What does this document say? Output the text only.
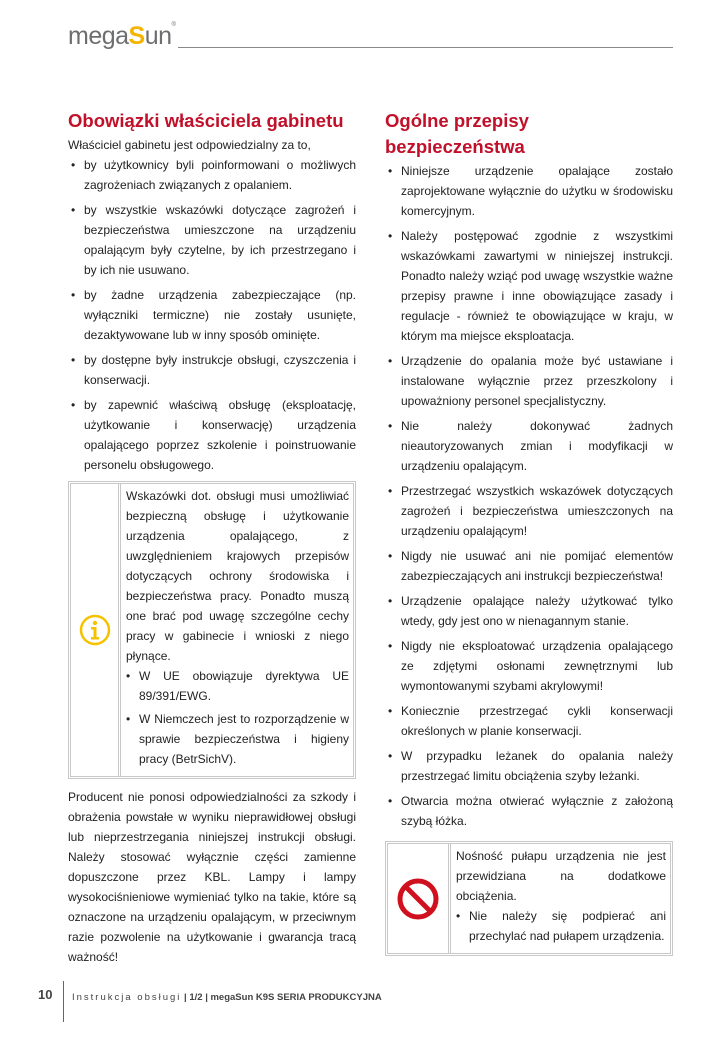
megaSun®
Obowiązki właściciela gabinetu

Właściciel gabinetu jest odpowiedzialny za to,

• by użytkownicy byli poinformowani o możliwych zagrożeniach związanych z opalaniem.
• by wszystkie wskazówki dotyczące zagrożeń i bezpieczeństwa umieszczone na urządzeniu opalającym były czytelne, by ich przestrzegano i by ich nie usuwano.
• by żadne urządzenia zabezpieczające (np. wyłączniki termiczne) nie zostały usunięte, dezaktywowane lub w inny sposób ominięte.
• by dostępne były instrukcje obsługi, czyszczenia i konserwacji.
• by zapewnić właściwą obsługę (eksploatację, użytkowanie i konserwację) urządzenia opalającego poprzez szkolenie i poinstruowanie personelu obsługowego.

Wskazówki dot. obsługi musi umożliwiać bezpieczną obsługę i użytkowanie urządzenia opalającego, z uwzględnieniem krajowych przepisów dotyczących ochrony środowiska i bezpieczeństwa pracy. Ponadto muszą one brać pod uwagę szczególne cechy pracy w gabinecie i wnioski z niego płynące.

• W UE obowiązuje dyrektywa UE 89/391/EWG.
• W Niemczech jest to rozporządzenie w sprawie bezpieczeństwa i higieny pracy (BetrSichV).

Producent nie ponosi odpowiedzialności za szkody i obrażenia powstałe w wyniku nieprawidłowej obsługi lub nieprzestrzegania niniejszej instrukcji obsługi. Należy stosować wyłącznie części zamienne dopuszczone przez KBL. Lampy i lampy wysokociśnieniowe wymieniać tylko na takie, które są oznaczone na urządzeniu opalającym, w przeciwnym razie pozwolenie na użytkowanie i gwarancja tracą ważność!

Ogólne przepisy bezpieczeństwa
• Niniejsze urządzenie opalające zostało zaprojektowane wyłącznie do użytku w środowisku komercyjnym.
• Należy postępować zgodnie z wszystkimi wskazówkami zawartymi w niniejszej instrukcji. Ponadto należy wziąć pod uwagę wszystkie ważne przepisy prawne i inne obowiązujące zasady i regulacje - również te obowiązujące w kraju, w którym ma miejsce eksploatacja.
• Urządzenie do opalania może być ustawiane i instalowane wyłącznie przez przeszkolony i upoważniony personel specjalistyczny.
• Nie należy dokonywać żadnych nieautoryzowanych zmian i modyfikacji w urządzeniu opalającym.
• Przestrzegać wszystkich wskazówek dotyczących zagrożeń i bezpieczeństwa umieszczonych na urządzeniu opalającym!
• Nigdy nie usuwać ani nie pomijać elementów zabezpieczających ani instrukcji bezpieczeństwa!
• Urządzenie opalające należy użytkować tylko wtedy, gdy jest ono w nienagannym stanie.
• Nigdy nie eksploatować urządzenia opalającego ze zdjętymi osłonami zewnętrznymi lub wymontowanymi szybami akrylowymi!
• Koniecznie przestrzegać cykli konserwacji określonych w planie konserwacji.
• W przypadku leżanek do opalania należy przestrzegać limitu obciążenia szyby leżanki.
• Otwarcia można otwierać wyłącznie z założoną szybą łóżka.

Nośność pułapu urządzenia nie jest przewidziana na dodatkowe obciążenia.

• Nie należy się podpierać ani przechylać nad pułapem urządzenia.
10 Instrukcja obsługi | 1/2 | megaSun K9S SERIA PRODUKCYJNA
